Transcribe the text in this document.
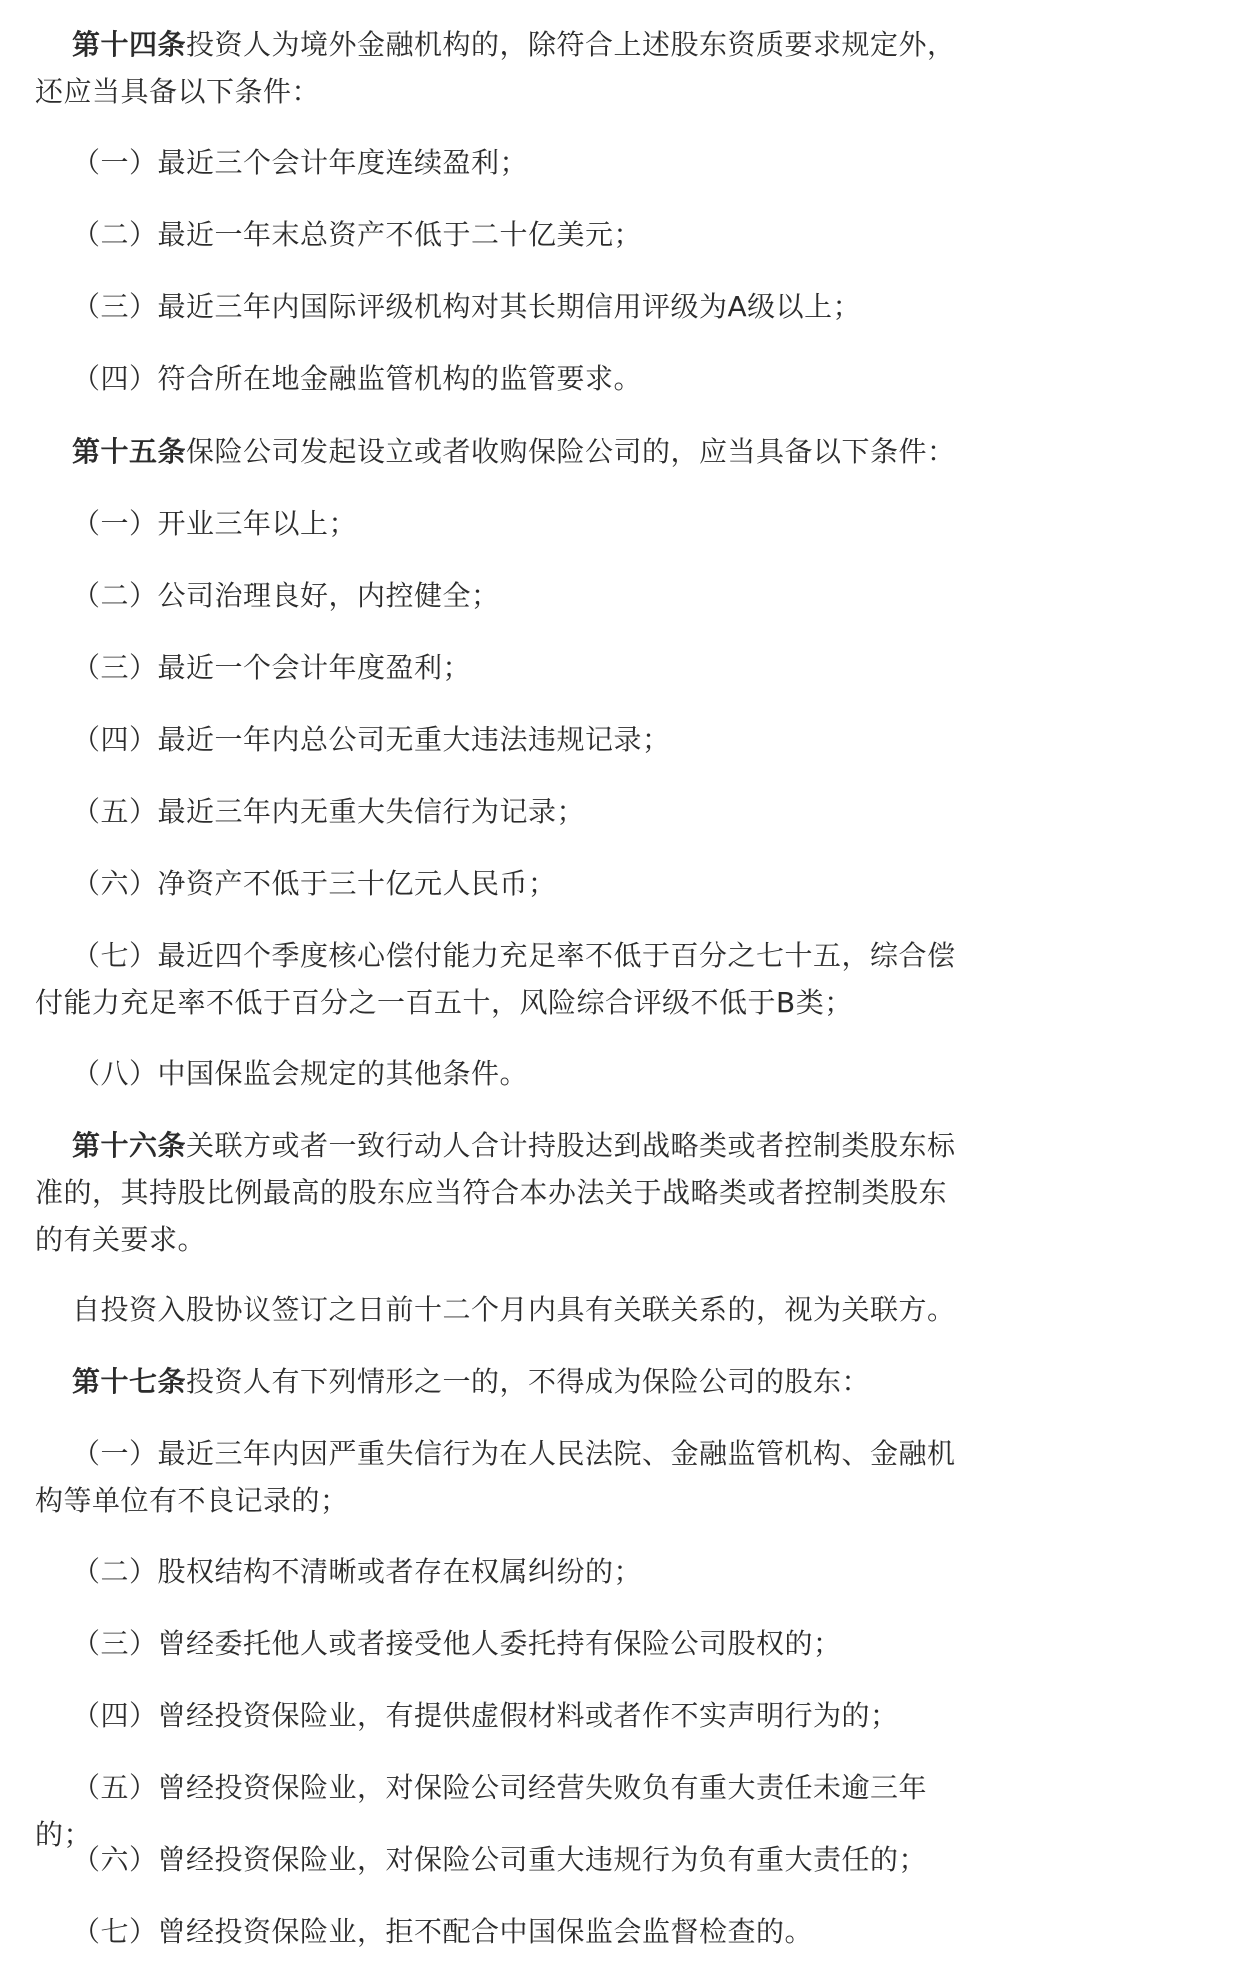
第十四条投资人为境外金融机构的，除符合上述股东资质要求规定外，还应当具备以下条件：

（一）最近三个会计年度连续盈利；

（二）最近一年末总资产不低于二十亿美元；

（三）最近三年内国际评级机构对其长期信用评级为A级以上；

（四）符合所在地金融监管机构的监管要求。

第十五条保险公司发起设立或者收购保险公司的，应当具备以下条件：

（一）开业三年以上；

（二）公司治理良好，内控健全；

（三）最近一个会计年度盈利；

（四）最近一年内总公司无重大违法违规记录；

（五）最近三年内无重大失信行为记录；

（六）净资产不低于三十亿元人民币；

（七）最近四个季度核心偿付能力充足率不低于百分之七十五，综合偿付能力充足率不低于百分之一百五十，风险综合评级不低于B类；

（八）中国保监会规定的其他条件。

第十六条关联方或者一致行动人合计持股达到战略类或者控制类股东标准的，其持股比例最高的股东应当符合本办法关于战略类或者控制类股东的有关要求。

自投资入股协议签订之日前十二个月内具有关联关系的，视为关联方。

第十七条投资人有下列情形之一的，不得成为保险公司的股东：

（一）最近三年内因严重失信行为在人民法院、金融监管机构、金融机构等单位有不良记录的；

（二）股权结构不清晰或者存在权属纠纷的；

（三）曾经委托他人或者接受他人委托持有保险公司股权的；

（四）曾经投资保险业，有提供虚假材料或者作不实声明行为的；

（五）曾经投资保险业，对保险公司经营失败负有重大责任未逾三年的；

（六）曾经投资保险业，对保险公司重大违规行为负有重大责任的；

（七）曾经投资保险业，拒不配合中国保监会监督检查的。
